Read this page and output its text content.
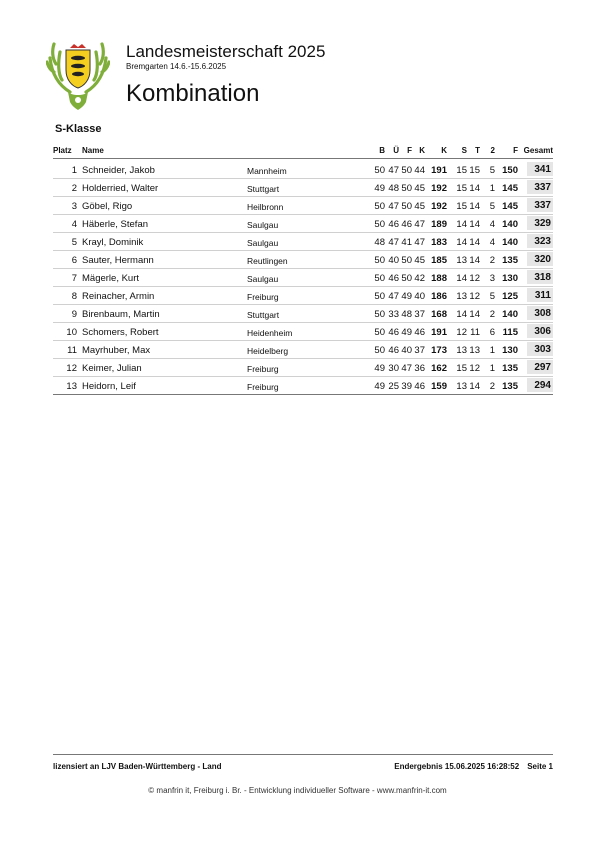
Landesmeisterschaft 2025
Bremgarten 14.6.-15.6.2025
Kombination
S-Klasse
Platz Name	B Ü F K K S T 2 F Gesamt
1 Schneider, Jakob	Mannheim	50 47 50 44 191 15 15 5 150	341
2 Holderried, Walter	Stuttgart	49 48 50 45 192 15 14 1 145	337
3 Göbel, Rigo	Heilbronn	50 47 50 45 192 15 14 5 145	337
4 Häberle, Stefan	Saulgau	50 46 46 47 189 14 14 4 140	329
5 Krayl, Dominik	Saulgau	48 47 41 47 183 14 14 4 140	323
6 Sauter, Hermann	Reutlingen	50 40 50 45 185 13 14 2 135	320
7 Mägerle, Kurt	Saulgau	50 46 50 42 188 14 12 3 130	318
8 Reinacher, Armin	Freiburg	50 47 49 40 186 13 12 5 125	311
9 Birenbaum, Martin	Stuttgart	50 33 48 37 168 14 14 2 140	308
10 Schomers, Robert	Heidenheim	50 46 49 46 191 12 11 6 115	306
11 Mayrhuber, Max	Heidelberg	50 46 40 37 173 13 13 1 130	303
12 Keimer, Julian	Freiburg	49 30 47 36 162 15 12 1 135	297
13 Heidorn, Leif	Freiburg	49 25 39 46 159 13 14 2 135	294
lizensiert an LJV Baden-Württemberg - Land	Endergebnis 15.06.2025 16:28:52 Seite 1
© manfrin it, Freiburg i. Br. - Entwicklung individueller Software - www.manfrin-it.com
